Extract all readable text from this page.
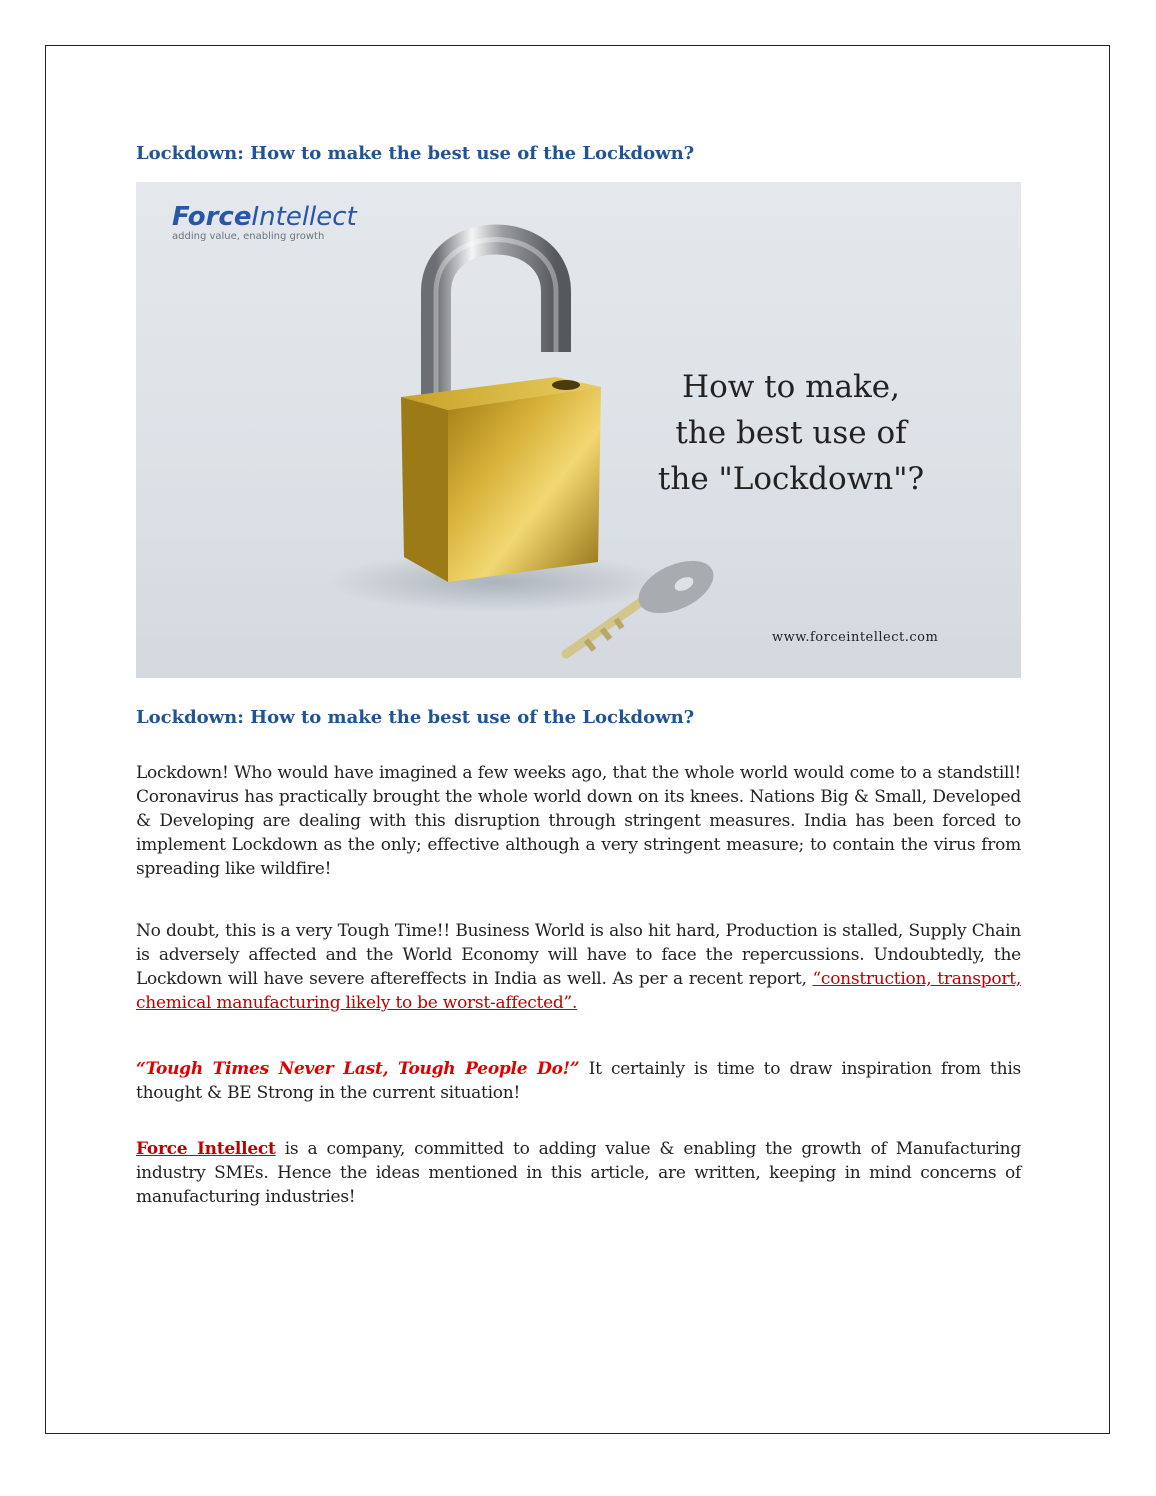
Lockdown: How to make the best use of the Lockdown?
ForceIntellect
adding value, enabling growth
How to make,
the best use of
the "Lockdown"?
www.forceintellect.com
Lockdown: How to make the best use of the Lockdown?

Lockdown! Who would have imagined a few weeks ago, that the whole world would come to a standstill! Coronavirus has practically brought the whole world down on its knees. Nations Big & Small, Developed & Developing are dealing with this disruption through stringent measures. India has been forced to implement Lockdown as the only; effective although a very stringent measure; to contain the virus from spreading like wildfire!

No doubt, this is a very Tough Time!! Business World is also hit hard, Production is stalled, Supply Chain is adversely affected and the World Economy will have to face the repercussions. Undoubtedly, the Lockdown will have severe aftereffects in India as well. As per a recent report, “construction, transport, chemical manufacturing likely to be worst-affected”.

“Tough Times Never Last, Tough People Do!” It certainly is time to draw inspiration from this thought & BE Strong in the current situation!

Force Intellect is a company, committed to adding value & enabling the growth of Manufacturing industry SMEs. Hence the ideas mentioned in this article, are written, keeping in mind concerns of manufacturing industries!
